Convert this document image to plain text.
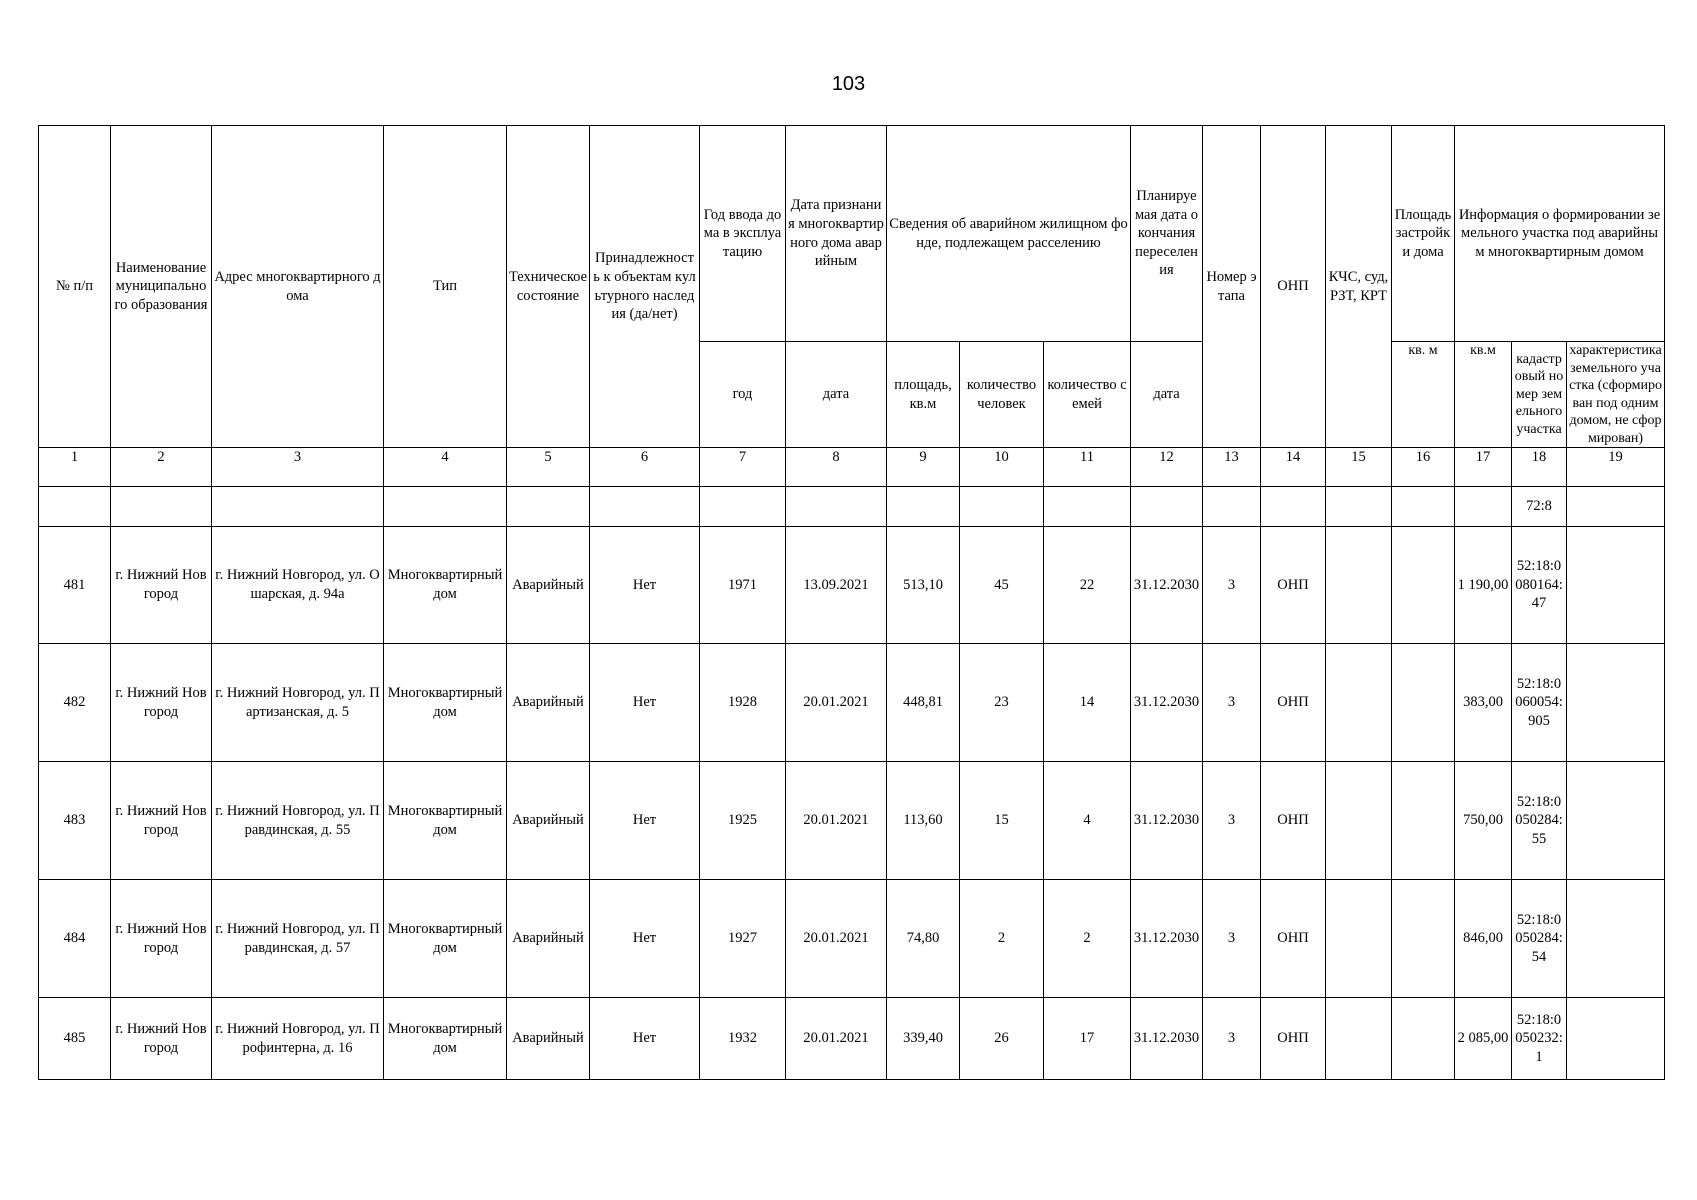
103
№ п/п	Наименование муниципального образования	Адрес многоквартирного дома	Тип	Техническое состояние	Принадлежность к объектам культурного наследия (да/нет)	Год ввода дома в эксплуатацию	Дата признания многоквартирного дома аварийным	Сведения об аварийном жилищном фонде, подлежащем расселению			Планируемая дата окончания переселения	Номер этапа	ОНП	КЧС, суд, РЗТ, КРТ	Площадь застройки дома	Информация о формировании земельного участка под аварийным многоквартирным домом		
						год	дата	площадь, кв.м	количество человек	количество семей	дата				кв. м	кв.м	кадастровый номер земельного участка	характеристика земельного участка (сформирован под одним домом, не сформирован)
1	2	3	4	5	6	7	8	9	10	11	12	13	14	15	16	17	18	19
																	72:8	
481	г. Нижний Новгород	г. Нижний Новгород, ул. Ошарская, д. 94а	Многоквартирный дом	Аварийный	Нет	1971	13.09.2021	513,10	45	22	31.12.2030	3	ОНП			1 190,00	52:18:0080164:47	
482	г. Нижний Новгород	г. Нижний Новгород, ул. Партизанская, д. 5	Многоквартирный дом	Аварийный	Нет	1928	20.01.2021	448,81	23	14	31.12.2030	3	ОНП			383,00	52:18:0060054:905	
483	г. Нижний Новгород	г. Нижний Новгород, ул. Правдинская, д. 55	Многоквартирный дом	Аварийный	Нет	1925	20.01.2021	113,60	15	4	31.12.2030	3	ОНП			750,00	52:18:0050284:55	
484	г. Нижний Новгород	г. Нижний Новгород, ул. Правдинская, д. 57	Многоквартирный дом	Аварийный	Нет	1927	20.01.2021	74,80	2	2	31.12.2030	3	ОНП			846,00	52:18:0050284:54	
485	г. Нижний Новгород	г. Нижний Новгород, ул. Профинтерна, д. 16	Многоквартирный дом	Аварийный	Нет	1932	20.01.2021	339,40	26	17	31.12.2030	3	ОНП			2 085,00	52:18:0050232:1	
